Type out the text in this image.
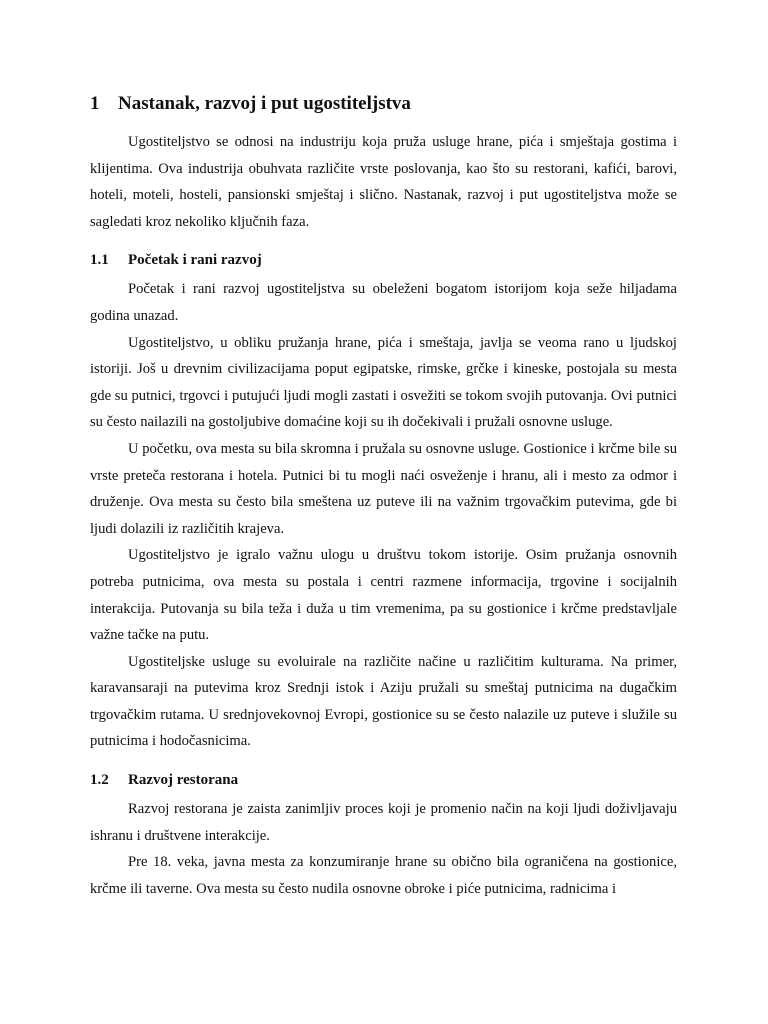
1 Nastanak, razvoj i put ugostiteljstva

Ugostiteljstvo se odnosi na industriju koja pruža usluge hrane, pića i smještaja gostima i klijentima. Ova industrija obuhvata različite vrste poslovanja, kao što su restorani, kafići, barovi, hoteli, moteli, hosteli, pansionski smještaj i slično. Nastanak, razvoj i put ugostiteljstva može se sagledati kroz nekoliko ključnih faza.

1.1	Početak i rani razvoj

Početak i rani razvoj ugostiteljstva su obeleženi bogatom istorijom koja seže hiljadama godina unazad.

Ugostiteljstvo, u obliku pružanja hrane, pića i smeštaja, javlja se veoma rano u ljudskoj istoriji. Još u drevnim civilizacijama poput egipatske, rimske, grčke i kineske, postojala su mesta gde su putnici, trgovci i putujući ljudi mogli zastati i osvežiti se tokom svojih putovanja. Ovi putnici su često nailazili na gostoljubive domaćine koji su ih dočekivali i pružali osnovne usluge.

U početku, ova mesta su bila skromna i pružala su osnovne usluge. Gostionice i krčme bile su vrste preteča restorana i hotela. Putnici bi tu mogli naći osveženje i hranu, ali i mesto za odmor i druženje. Ova mesta su često bila smeštena uz puteve ili na važnim trgovačkim putevima, gde bi ljudi dolazili iz različitih krajeva.

Ugostiteljstvo je igralo važnu ulogu u društvu tokom istorije. Osim pružanja osnovnih potreba putnicima, ova mesta su postala i centri razmene informacija, trgovine i socijalnih interakcija. Putovanja su bila teža i duža u tim vremenima, pa su gostionice i krčme predstavljale važne tačke na putu.

Ugostiteljske usluge su evoluirale na različite načine u različitim kulturama. Na primer, karavansaraji na putevima kroz Srednji istok i Aziju pružali su smeštaj putnicima na dugačkim trgovačkim rutama. U srednjovekovnoj Evropi, gostionice su se često nalazile uz puteve i služile su putnicima i hodočasnicima.

1.2	Razvoj restorana

Razvoj restorana je zaista zanimljiv proces koji je promenio način na koji ljudi doživljavaju ishranu i društvene interakcije.

Pre 18. veka, javna mesta za konzumiranje hrane su obično bila ograničena na gostionice, krčme ili taverne. Ova mesta su često nudila osnovne obroke i piće putnicima, radnicima i
